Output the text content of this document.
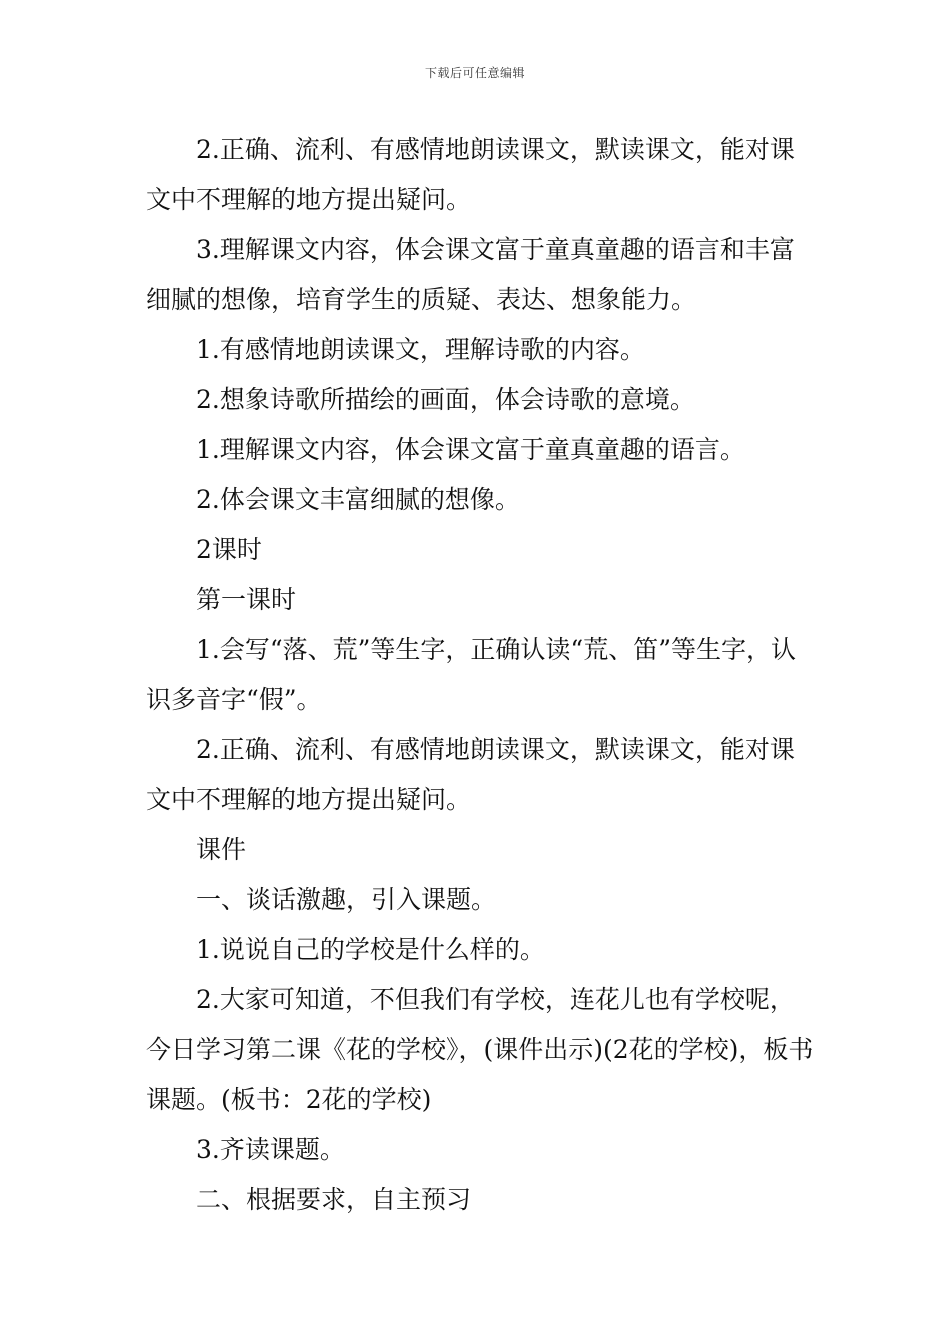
下载后可任意编辑

2.正确、流利、有感情地朗读课文，默读课文，能对课文中不理解的地方提出疑问。

3.理解课文内容，体会课文富于童真童趣的语言和丰富细腻的想像，培育学生的质疑、表达、想象能力。

1.有感情地朗读课文，理解诗歌的内容。

2.想象诗歌所描绘的画面，体会诗歌的意境。

1.理解课文内容，体会课文富于童真童趣的语言。

2.体会课文丰富细腻的想像。

2课时

第一课时

1.会写“落、荒”等生字，正确认读“荒、笛”等生字，认识多音字“假”。

2.正确、流利、有感情地朗读课文，默读课文，能对课文中不理解的地方提出疑问。

课件

一、谈话激趣，引入课题。

1.说说自己的学校是什么样的。

2.大家可知道，不但我们有学校，连花儿也有学校呢，今日学习第二课《花的学校》，(课件出示)(2花的学校)，板书课题。(板书：2花的学校)

3.齐读课题。

二、根据要求，自主预习
